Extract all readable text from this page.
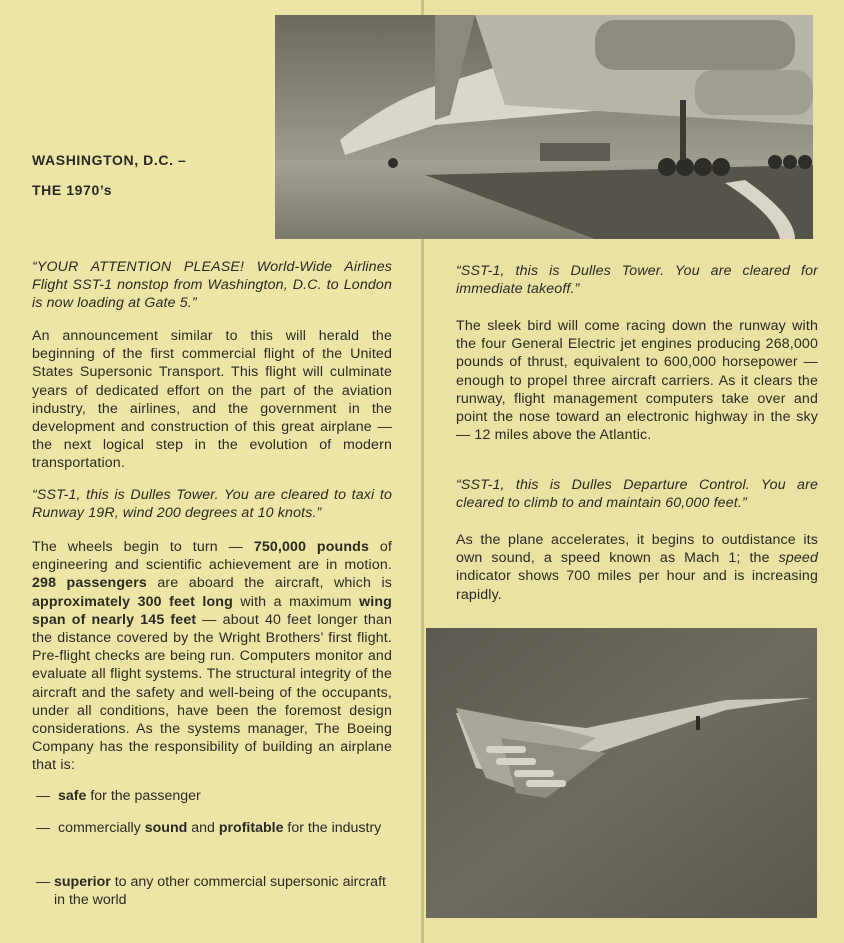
WASHINGTON, D.C. –
THE 1970’s
“YOUR ATTENTION PLEASE! World-Wide Airlines Flight SST-1 nonstop from Washington, D.C. to London is now loading at Gate 5.”
An announcement similar to this will herald the beginning of the first commercial flight of the United States Supersonic Transport. This flight will culminate years of dedicated effort on the part of the aviation industry, the airlines, and the government in the development and construction of this great airplane — the next logical step in the evolution of modern transportation.
“SST-1, this is Dulles Tower. You are cleared to taxi to Runway 19R, wind 200 degrees at 10 knots.”
The wheels begin to turn — 750,000 pounds of engineering and scientific achievement are in motion. 298 passengers are aboard the aircraft, which is approximately 300 feet long with a maximum wing span of nearly 145 feet — about 40 feet longer than the distance covered by the Wright Brothers’ first flight. Pre-flight checks are being run. Computers monitor and evaluate all flight systems. The structural integrity of the aircraft and the safety and well-being of the occupants, under all conditions, have been the foremost design considerations. As the systems manager, The Boeing Company has the responsibility of building an airplane that is:
— safe for the passenger
— commercially sound and profitable for the industry
— superior to any other commercial supersonic aircraft in the world
“SST-1, this is Dulles Tower. You are cleared for immediate takeoff.”
The sleek bird will come racing down the runway with the four General Electric jet engines producing 268,000 pounds of thrust, equivalent to 600,000 horsepower — enough to propel three aircraft carriers. As it clears the runway, flight management computers take over and point the nose toward an electronic highway in the sky — 12 miles above the Atlantic.
“SST-1, this is Dulles Departure Control. You are cleared to climb to and maintain 60,000 feet.”
As the plane accelerates, it begins to outdistance its own sound, a speed known as Mach 1; the speed indicator shows 700 miles per hour and is increasing rapidly.
